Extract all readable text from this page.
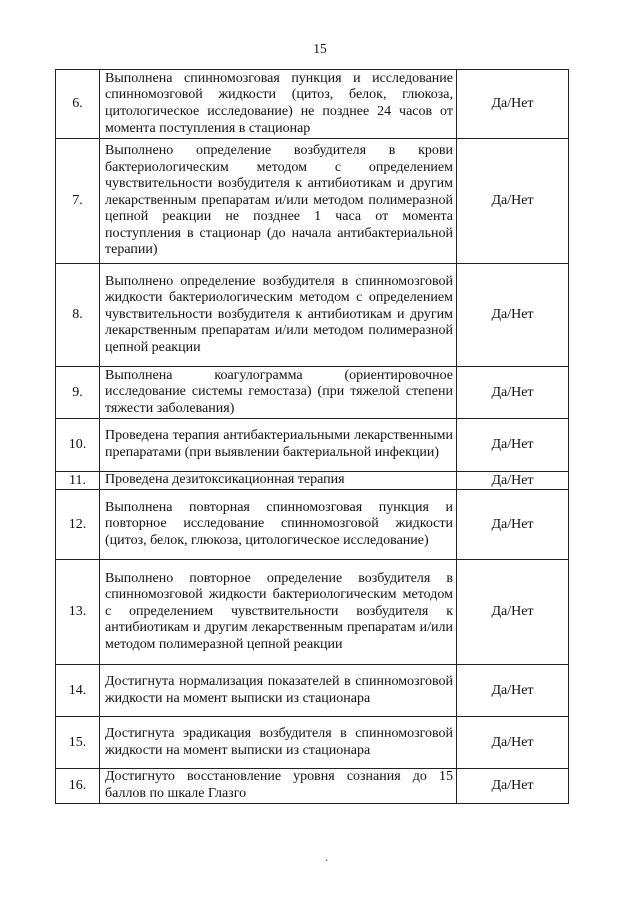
15
6.	Выполнена спинномозговая пункция и исследование спинномозговой жидкости (цитоз, белок, глюкоза, цитологическое исследование) не позднее 24 часов от момента поступления в стационар	Да/Нет
7.	Выполнено определение возбудителя в крови бактериологическим методом с определением чувствительности возбудителя к антибиотикам и другим лекарственным препаратам и/или методом полимеразной цепной реакции не позднее 1 часа от момента поступления в стационар (до начала антибактериальной терапии)	Да/Нет
8.	Выполнено определение возбудителя в спинномозговой жидкости бактериологическим методом с определением чувствительности возбудителя к антибиотикам и другим лекарственным препаратам и/или методом полимеразной цепной реакции	Да/Нет
9.	Выполнена коагулограмма (ориентировочное исследование системы гемостаза) (при тяжелой степени тяжести заболевания)	Да/Нет
10.	Проведена терапия антибактериальными лекарственными препаратами (при выявлении бактериальной инфекции)	Да/Нет
11.	Проведена дезитоксикационная терапия	Да/Нет
12.	Выполнена повторная спинномозговая пункция и повторное исследование спинномозговой жидкости (цитоз, белок, глюкоза, цитологическое исследование)	Да/Нет
13.	Выполнено повторное определение возбудителя в спинномозговой жидкости бактериологическим методом с определением чувствительности возбудителя к антибиотикам и другим лекарственным препаратам и/или методом полимеразной цепной реакции	Да/Нет
14.	Достигнута нормализация показателей в спинномозговой жидкости на момент выписки из стационара	Да/Нет
15.	Достигнута эрадикация возбудителя в спинномозговой жидкости на момент выписки из стационара	Да/Нет
16.	Достигнуто восстановление уровня сознания до 15 баллов по шкале Глазго	Да/Нет
.
